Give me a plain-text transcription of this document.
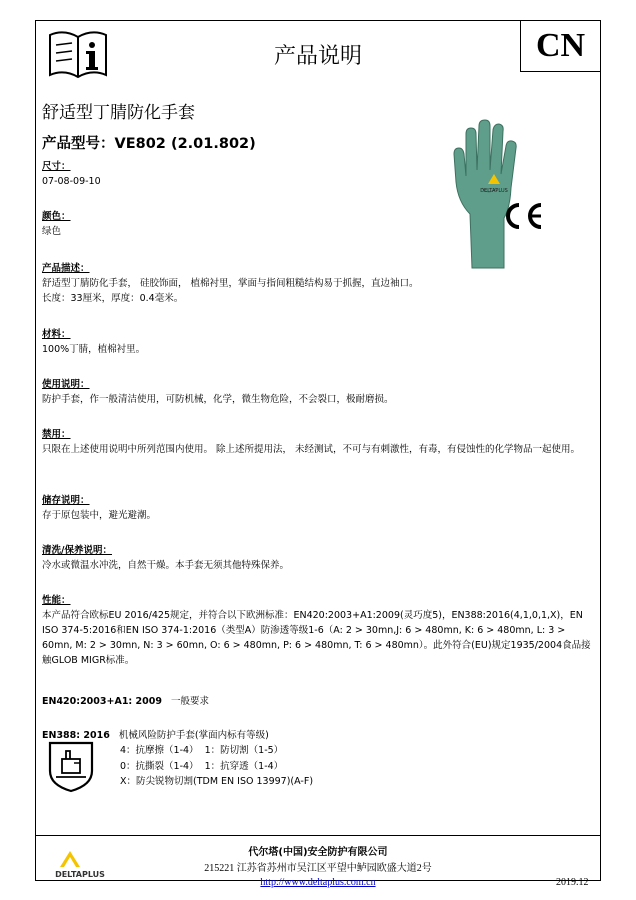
产品说明	CN
舒适型丁腈防化手套
产品型号：VE802 (2.01.802)
DELTAPLUS
尺寸：
07-08-09-10
颜色：
绿色
产品描述：
舒适型丁腈防化手套， 硅胶饰面， 植棉衬里，掌面与指间粗糙结构易于抓握，直边袖口。
长度：33厘米，厚度：0.4毫米。
材料：
100%丁腈，植棉衬里。
使用说明：
防护手套，作一般清洁使用，可防机械，化学，微生物危险，不会裂口，极耐磨损。
禁用：
只限在上述使用说明中所列范围内使用。 除上述所提用法， 未经测试，不可与有刺激性，有毒，有侵蚀性的化学物品一起使用。
储存说明：
存于原包装中，避光避潮。
清洗/保养说明：
冷水或微温水冲洗，自然干燥。本手套无须其他特殊保养。
性能：
本产品符合欧标EU 2016/425规定，并符合以下欧洲标准：EN420:2003+A1:2009(灵巧度5)，EN388:2016(4,1,0,1,X)，EN ISO 374-5:2016和EN ISO 374-1:2016（类型A）防渗透等级1-6（A: 2 > 30mn,J: 6 > 480mn, K: 6 > 480mn, L: 3 > 60mn, M: 2 > 30mn, N: 3 > 60mn, O: 6 > 480mn, P: 6 > 480mn, T: 6 > 480mn）。此外符合(EU)规定1935/2004食品接触GLOB MIGR标准。
EN420:2003+A1: 2009 一般要求
EN388: 2016 机械风险防护手套(掌面内标有等级)
4：抗摩擦（1-4）  1：防切割（1-5）
0：抗撕裂（1-4）  1：抗穿透（1-4）
X：防尖锐物切割(TDM EN ISO 13997)(A-F)
DELTAPLUS
代尔塔(中国)安全防护有限公司
215221 江苏省苏州市吴江区平望中鲈园欧盛大道2号
http://www.deltaplus.com.cn	2019.12
